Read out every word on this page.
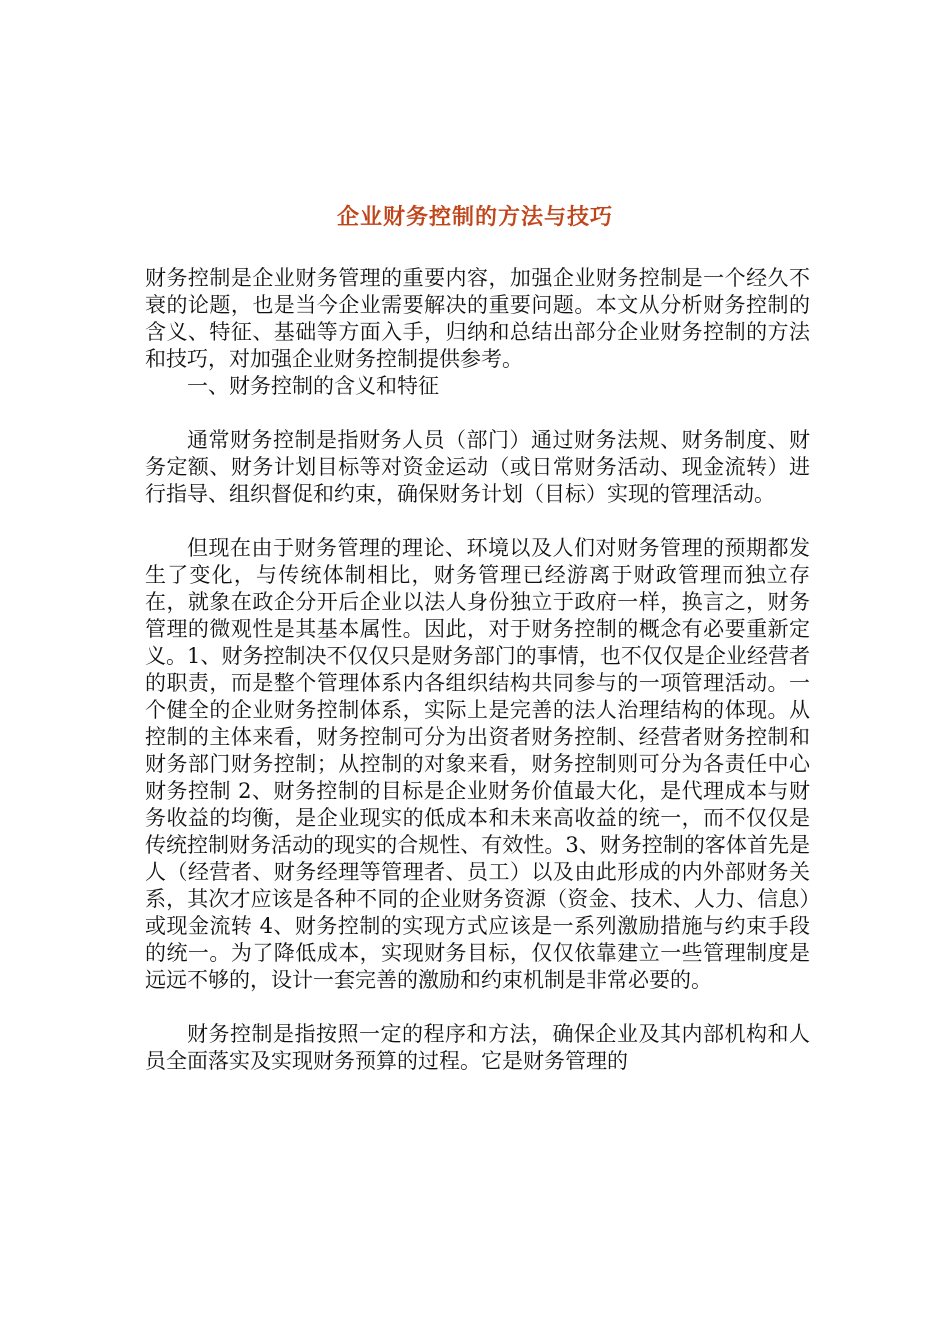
企业财务控制的方法与技巧

财务控制是企业财务管理的重要内容，加强企业财务控制是一个经久不衰的论题，也是当今企业需要解决的重要问题。本文从分析财务控制的含义、特征、基础等方面入手，归纳和总结出部分企业财务控制的方法和技巧，对加强企业财务控制提供参考。

一、财务控制的含义和特征

通常财务控制是指财务人员（部门）通过财务法规、财务制度、财务定额、财务计划目标等对资金运动（或日常财务活动、现金流转）进行指导、组织督促和约束，确保财务计划（目标）实现的管理活动。

但现在由于财务管理的理论、环境以及人们对财务管理的预期都发生了变化，与传统体制相比，财务管理已经游离于财政管理而独立存在，就象在政企分开后企业以法人身份独立于政府一样，换言之，财务管理的微观性是其基本属性。因此，对于财务控制的概念有必要重新定义。1、财务控制决不仅仅只是财务部门的事情，也不仅仅是企业经营者的职责，而是整个管理体系内各组织结构共同参与的一项管理活动。一个健全的企业财务控制体系，实际上是完善的法人治理结构的体现。从控制的主体来看，财务控制可分为出资者财务控制、经营者财务控制和财务部门财务控制；从控制的对象来看，财务控制则可分为各责任中心财务控制 2、财务控制的目标是企业财务价值最大化，是代理成本与财务收益的均衡，是企业现实的低成本和未来高收益的统一，而不仅仅是传统控制财务活动的现实的合规性、有效性。3、财务控制的客体首先是人（经营者、财务经理等管理者、员工）以及由此形成的内外部财务关系，其次才应该是各种不同的企业财务资源（资金、技术、人力、信息）或现金流转 4、财务控制的实现方式应该是一系列激励措施与约束手段的统一。为了降低成本，实现财务目标，仅仅依靠建立一些管理制度是远远不够的，设计一套完善的激励和约束机制是非常必要的。

财务控制是指按照一定的程序和方法，确保企业及其内部机构和人员全面落实及实现财务预算的过程。它是财务管理的
